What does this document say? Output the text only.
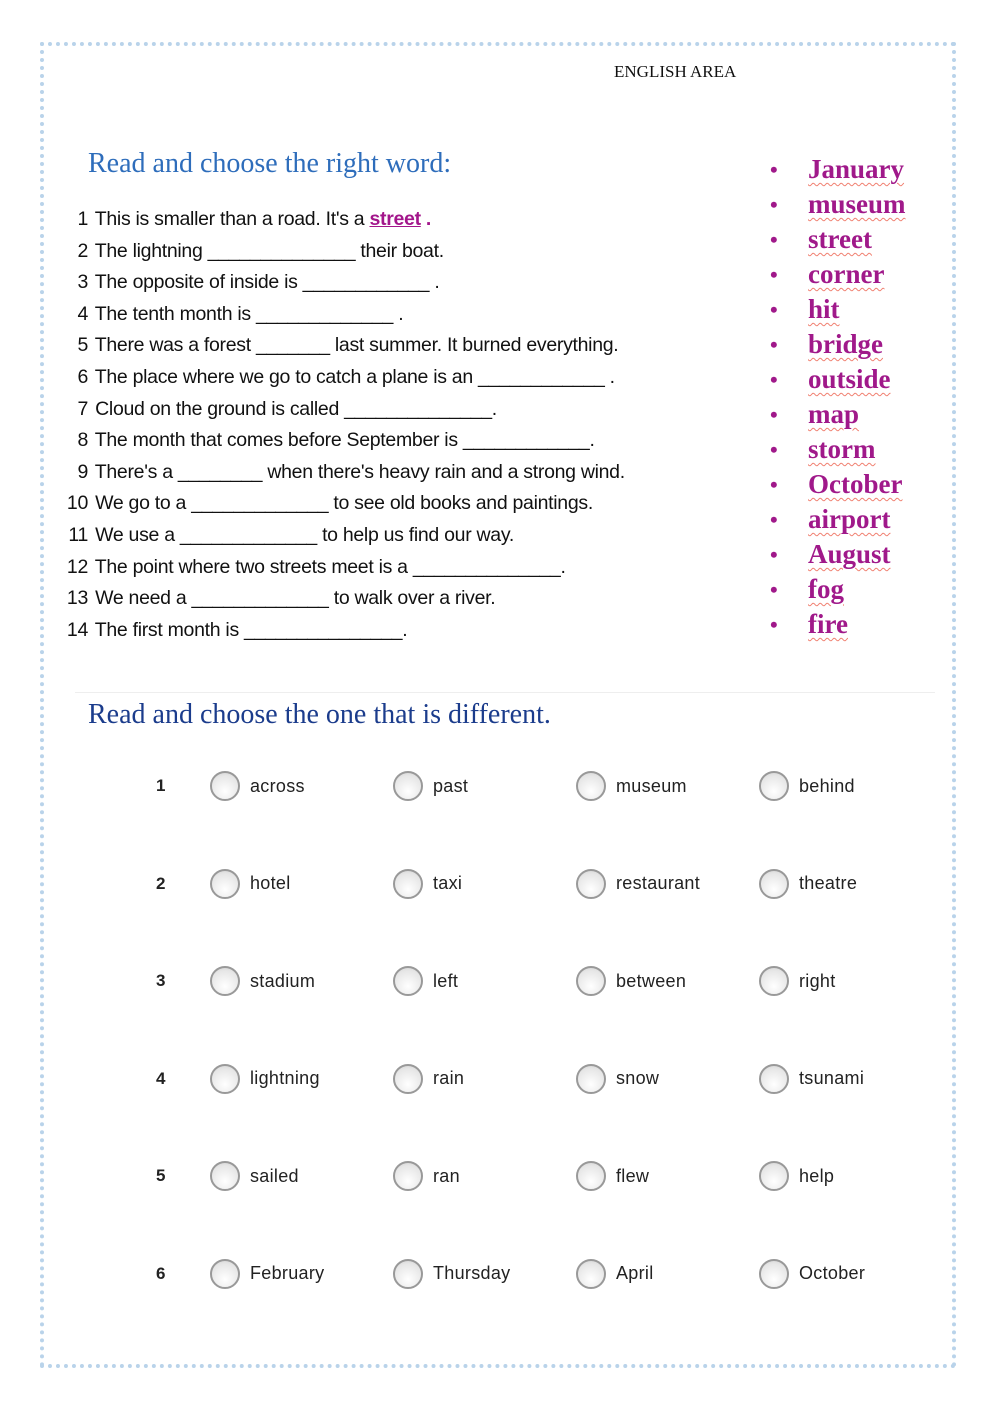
ENGLISH AREA
Read and choose the right word:
1 This is smaller than a road. It's a street .
2 The lightning ______________ their boat.
3 The opposite of inside is ____________ .
4 The tenth month is _____________ .
5 There was a forest _______ last summer. It burned everything.
6 The place where we go to catch a plane is an ____________ .
7 Cloud on the ground is called ______________.
8 The month that comes before September is ____________.
9 There's a ________ when there's heavy rain and a strong wind.
10 We go to a _____________ to see old books and paintings.
11 We use a _____________ to help us find our way.
12 The point where two streets meet is a ______________.
13 We need a _____________ to walk over a river.
14 The first month is _______________.
•	January
•	museum
•	street
•	corner
•	hit
•	bridge
•	outside
•	map
•	storm
•	October
•	airport
•	August
•	fog
•	fire
Read and choose the one that is different.
1	across	past	museum	behind
2	hotel	taxi	restaurant	theatre
3	stadium	left	between	right
4	lightning	rain	snow	tsunami
5	sailed	ran	flew	help
6	February	Thursday	April	October
